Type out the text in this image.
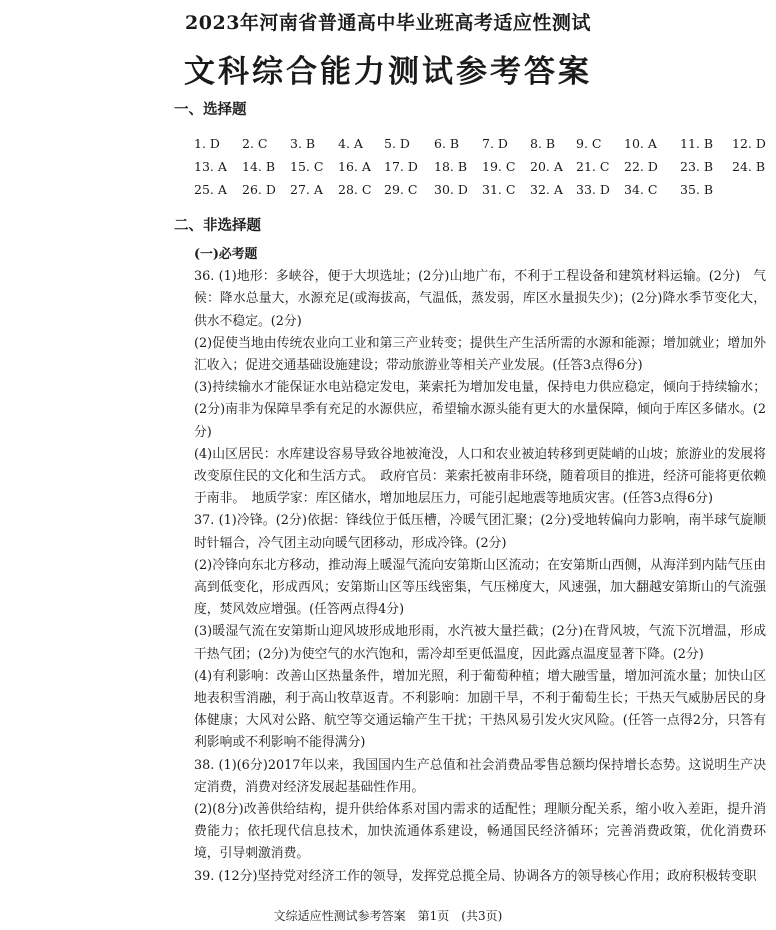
2023年河南省普通高中毕业班高考适应性测试
文科综合能力测试参考答案
一、选择题
1. D 2. C 3. B 4. A 5. D 6. B 7. D 8. B 9. C 10. A 11. B 12. D
13. A 14. B 15. C 16. A 17. D 18. B 19. C 20. A 21. C 22. D 23. B 24. B
25. A 26. D 27. A 28. C 29. C 30. D 31. C 32. A 33. D 34. C 35. B
二、非选择题

(一)必考题

36. (1)地形：多峡谷，便于大坝选址；(2分)山地广布，不利于工程设备和建筑材料运输。(2分)　气候：降水总量大，水源充足(或海拔高，气温低，蒸发弱，库区水量损失少)；(2分)降水季节变化大，供水不稳定。(2分)

(2)促使当地由传统农业向工业和第三产业转变；提供生产生活所需的水源和能源；增加就业；增加外汇收入；促进交通基础设施建设；带动旅游业等相关产业发展。(任答3点得6分)

(3)持续输水才能保证水电站稳定发电，莱索托为增加发电量，保持电力供应稳定，倾向于持续输水；(2分)南非为保障旱季有充足的水源供应，希望输水源头能有更大的水量保障，倾向于库区多储水。(2分)

(4)山区居民：水库建设容易导致谷地被淹没，人口和农业被迫转移到更陡峭的山坡；旅游业的发展将改变原住民的文化和生活方式。　政府官员：莱索托被南非环绕，随着项目的推进，经济可能将更依赖于南非。　地质学家：库区储水，增加地层压力，可能引起地震等地质灾害。(任答3点得6分)

37. (1)冷锋。(2分)依据：锋线位于低压槽，冷暖气团汇聚；(2分)受地转偏向力影响，南半球气旋顺时针辐合，冷气团主动向暖气团移动，形成冷锋。(2分)

(2)冷锋向东北方移动，推动海上暖湿气流向安第斯山区流动；在安第斯山西侧，从海洋到内陆气压由高到低变化，形成西风；安第斯山区等压线密集，气压梯度大，风速强，加大翻越安第斯山的气流强度，焚风效应增强。(任答两点得4分)

(3)暖湿气流在安第斯山迎风坡形成地形雨，水汽被大量拦截；(2分)在背风坡，气流下沉增温，形成干热气团；(2分)为使空气的水汽饱和，需冷却至更低温度，因此露点温度显著下降。(2分)

(4)有利影响：改善山区热量条件，增加光照，利于葡萄种植；增大融雪量，增加河流水量；加快山区地表积雪消融，利于高山牧草返青。不利影响：加剧干旱，不利于葡萄生长；干热天气威胁居民的身体健康；大风对公路、航空等交通运输产生干扰；干热风易引发火灾风险。(任答一点得2分，只答有利影响或不利影响不能得满分)

38. (1)(6分)2017年以来，我国国内生产总值和社会消费品零售总额均保持增长态势。这说明生产决定消费，消费对经济发展起基础性作用。

(2)(8分)改善供给结构，提升供给体系对国内需求的适配性；理顺分配关系，缩小收入差距，提升消费能力；依托现代信息技术，加快流通体系建设，畅通国民经济循环；完善消费政策，优化消费环境，引导刺激消费。

39. (12分)坚持党对经济工作的领导，发挥党总揽全局、协调各方的领导核心作用；政府积极转变职

文综适应性测试参考答案　第1页　(共3页)
